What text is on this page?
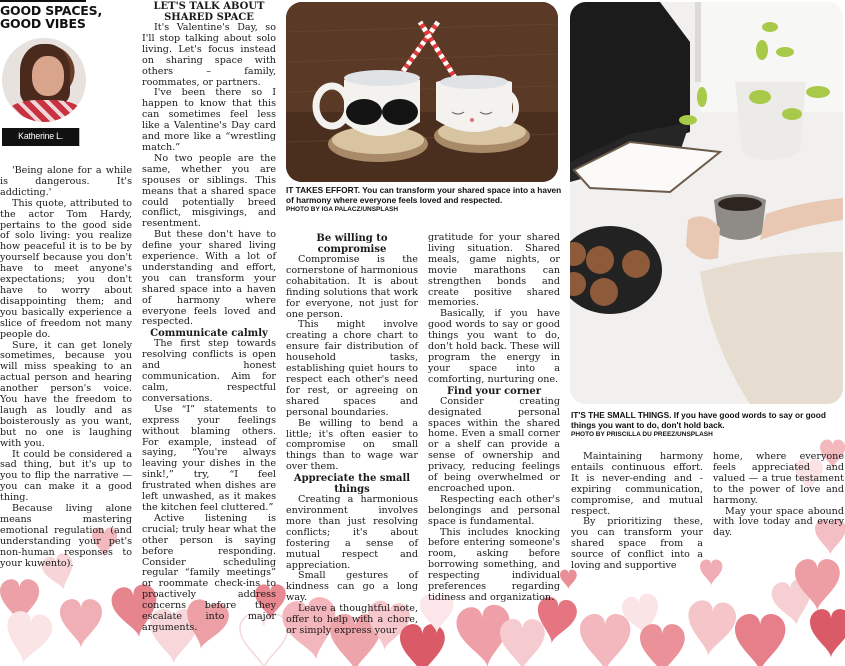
GOOD SPACES, GOOD VIBES
Katherine L. Magsanoc

'Being alone for a while is dangerous. It's addicting.'

This quote, attributed to the actor Tom Hardy, pertains to the good side of solo living: you realize how peaceful it is to be by yourself because you don't have to meet anyone's expectations; you don't have to worry about disappointing them; and you basically experience a slice of freedom not many people do.

Sure, it can get lonely sometimes, because you will miss speaking to an actual person and hearing another person's voice. You have the freedom to laugh as loudly and as boisterously as you want, but no one is laughing with you.

It could be considered a sad thing, but it's up to you to flip the narrative — you can make it a good thing.

Because living alone means mastering emotional regulation (and understanding your pet's non-human responses to your kuwento).

LET'S TALK ABOUT SHARED SPACE

It's Valentine's Day, so I'll stop talking about solo living. Let's focus instead on sharing space with others – family, roommates, or partners.

I've been there so I happen to know that this can sometimes feel less like a Valentine's Day card and more like a “wrestling match.”

No two people are the same, whether you are spouses or siblings. This means that a shared space could potentially breed conflict, misgivings, and resentment.

But these don't have to define your shared living experience. With a lot of understanding and effort, you can transform your shared space into a haven of harmony where everyone feels loved and respected.

Communicate calmly

The first step towards resolving conflicts is open and honest communication. Aim for calm, respectful conversations.

Use “I” statements to express your feelings without blaming others. For example, instead of saying, “You're always leaving your dishes in the sink!,” try, “I feel frustrated when dishes are left unwashed, as it makes the kitchen feel cluttered.”

Active listening is crucial; truly hear what the other person is saying before responding. Consider scheduling regular “family meetings” or roommate check-ins to proactively address concerns before they escalate into major arguments.

IT TAKES EFFORT. You can transform your shared space into a haven of harmony where everyone feels loved and respected.
PHOTO BY IGA PALACZ/UNSPLASH
Be willing to compromise

Compromise is the cornerstone of harmonious cohabitation. It is about finding solutions that work for everyone, not just for one person.

This might involve creating a chore chart to ensure fair distribution of household tasks, establishing quiet hours to respect each other's need for rest, or agreeing on shared spaces and personal boundaries.

Be willing to bend a little; it's often easier to compromise on small things than to wage war over them.

Appreciate the small things

Creating a harmonious environment involves more than just resolving conflicts; it's about fostering a sense of mutual respect and appreciation.

Small gestures of kindness can go a long way.

Leave a thoughtful note, offer to help with a chore, or simply express your

gratitude for your shared living situation. Shared meals, game nights, or movie marathons can strengthen bonds and create positive shared memories.

Basically, if you have good words to say or good things you want to do, don't hold back. These will program the energy in your space into a comforting, nurturing one.

Find your corner

Consider creating designated personal spaces within the shared home. Even a small corner or a shelf can provide a sense of ownership and privacy, reducing feelings of being overwhelmed or encroached upon.

Respecting each other's belongings and personal space is fundamental.

This includes knocking before entering someone's room, asking before borrowing something, and respecting individual preferences regarding tidiness and organization.

IT'S THE SMALL THINGS. If you have good words to say or good things you want to do, don't hold back.
PHOTO BY PRISCILLA DU PREEZ/UNSPLASH

Maintaining harmony entails continuous effort. It is never-ending and -expiring communication, compromise, and mutual respect.

By prioritizing these, you can transform your shared space from a source of conflict into a loving and supportive

home, where everyone feels appreciated and valued — a true testament to the power of love and harmony.

May your space abound with love today and every day.
